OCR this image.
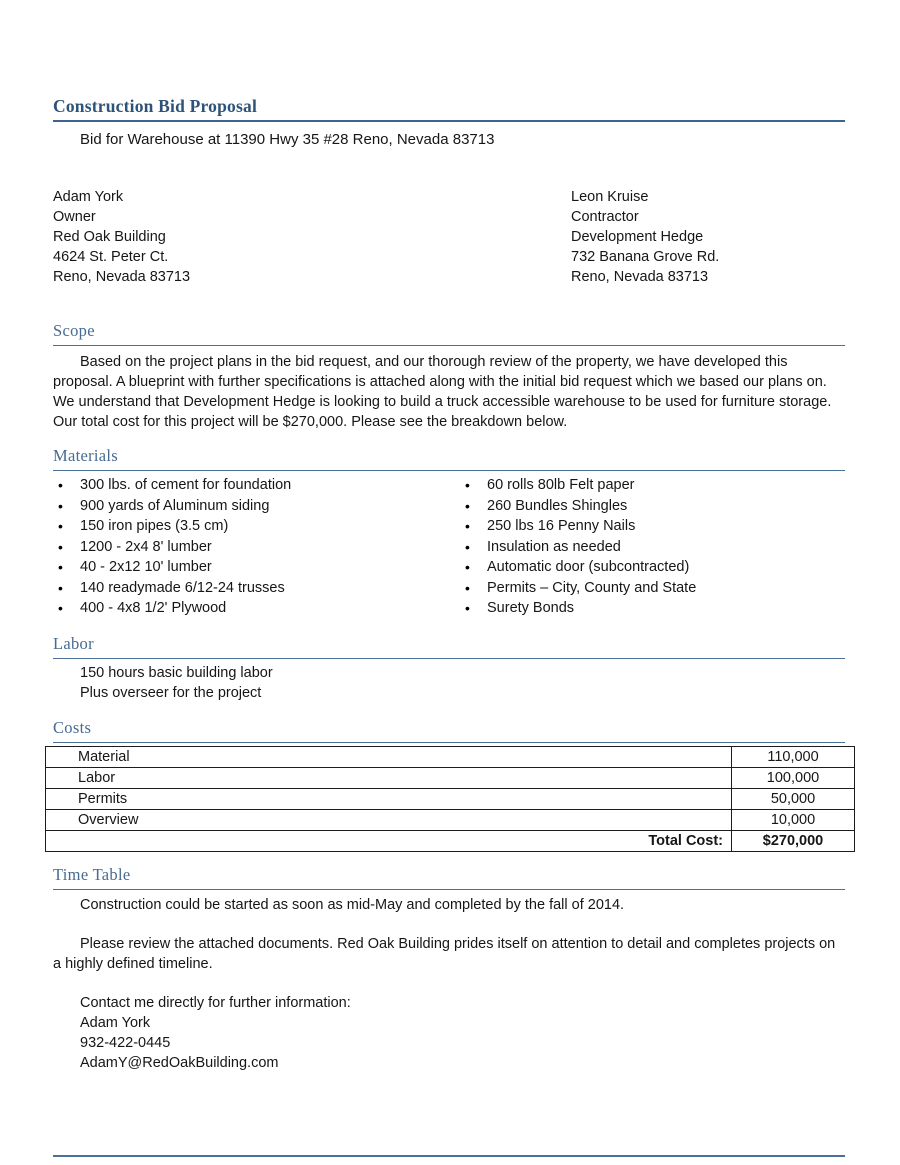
Construction Bid Proposal
Bid for Warehouse at 11390 Hwy 35 #28 Reno, Nevada 83713
Adam York
Owner
Red Oak Building
4624 St. Peter Ct.
Reno, Nevada 83713
Leon Kruise
Contractor
Development Hedge
732 Banana Grove Rd.
Reno, Nevada 83713
Scope
Based on the project plans in the bid request, and our thorough review of the property, we have developed this proposal. A blueprint with further specifications is attached along with the initial bid request which we based our plans on. We understand that Development Hedge is looking to build a truck accessible warehouse to be used for furniture storage. Our total cost for this project will be $270,000. Please see the breakdown below.
Materials
• 300 lbs. of cement for foundation
• 900 yards of Aluminum siding
• 150 iron pipes (3.5 cm)
• 1200 - 2x4 8' lumber
• 40 - 2x12 10' lumber
• 140 readymade 6/12-24 trusses
• 400 - 4x8 1/2' Plywood
• 60 rolls 80lb Felt paper
• 260 Bundles Shingles
• 250 lbs 16 Penny Nails
• Insulation as needed
• Automatic door (subcontracted)
• Permits – City, County and State
• Surety Bonds
Labor
150 hours basic building labor
Plus overseer for the project
Costs
Material	110,000
Labor	100,000
Permits	50,000
Overview	10,000
Total Cost:	$270,000
Time Table
Construction could be started as soon as mid-May and completed by the fall of 2014.
Please review the attached documents. Red Oak Building prides itself on attention to detail and completes projects on a highly defined timeline.
Contact me directly for further information:
Adam York
932-422-0445
AdamY@RedOakBuilding.com
